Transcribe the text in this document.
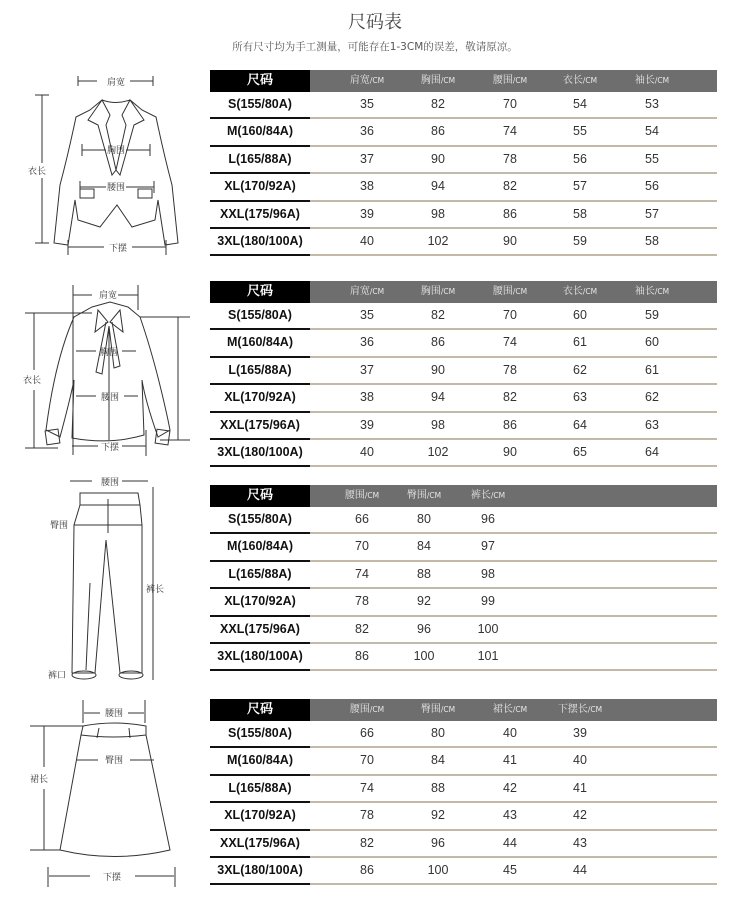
尺码表
所有尺寸均为手工测量，可能存在1-3CM的误差，敬请原凉。
肩宽
衣长
胸围
腰围
下摆
肩宽
衣长
胸围
腰围
下摆
腰围
臀围
裤长
裤口
腰围
臀围
裙长
下摆
尺码	肩宽/CM	胸围/CM	腰围/CM	衣长/CM	袖长/CM
S(155/80A)	35	82	70	54	53
M(160/84A)	36	86	74	55	54
L(165/88A)	37	90	78	56	55
XL(170/92A)	38	94	82	57	56
XXL(175/96A)	39	98	86	58	57
3XL(180/100A)	40	102	90	59	58
尺码	肩宽/CM	胸围/CM	腰围/CM	衣长/CM	袖长/CM
S(155/80A)	35	82	70	60	59
M(160/84A)	36	86	74	61	60
L(165/88A)	37	90	78	62	61
XL(170/92A)	38	94	82	63	62
XXL(175/96A)	39	98	86	64	63
3XL(180/100A)	40	102	90	65	64
尺码	腰围/CM	臀围/CM	裤长/CM
S(155/80A)	66	80	96
M(160/84A)	70	84	97
L(165/88A)	74	88	98
XL(170/92A)	78	92	99
XXL(175/96A)	82	96	100
3XL(180/100A)	86	100	101
尺码	腰围/CM	臀围/CM	裙长/CM	下摆长/CM
S(155/80A)	66	80	40	39
M(160/84A)	70	84	41	40
L(165/88A)	74	88	42	41
XL(170/92A)	78	92	43	42
XXL(175/96A)	82	96	44	43
3XL(180/100A)	86	100	45	44
